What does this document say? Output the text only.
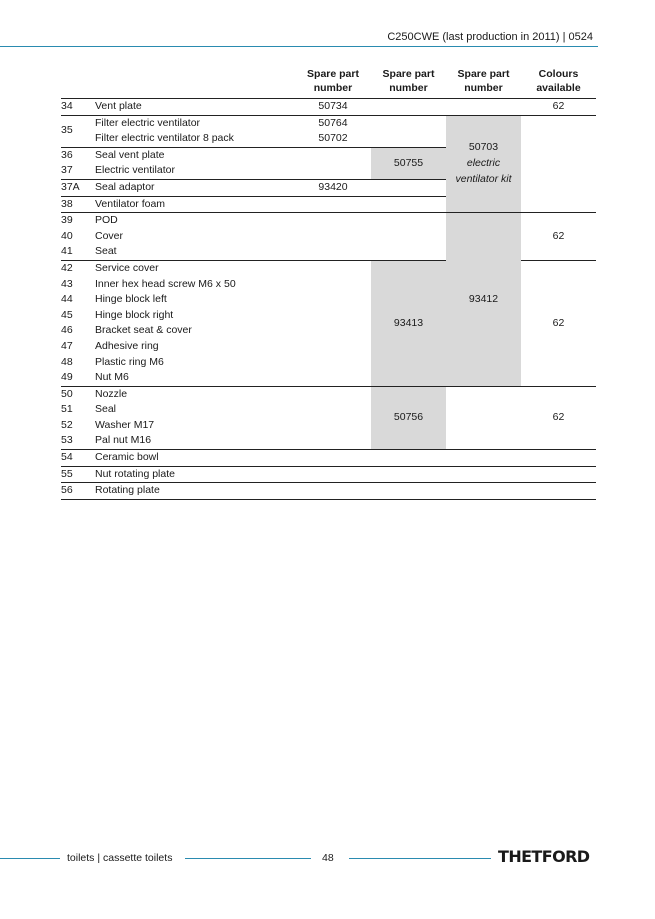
C250CWE (last production in 2011) | 0524
		Spare part number	Spare part number	Spare part number	Colours available
34	Vent plate	50734			62
35	Filter electric ventilator	50764		50703
electric
ventilator kit	

	Filter electric ventilator 8 pack	50702			
36	Seal vent plate		50755		
37	Electric ventilator				
37A	Seal adaptor	93420			
38	Ventilator foam				
39	POD			93412	62
40	Cover				
41	Seat				
42	Service cover		93413		62
43	Inner hex head screw M6 x 50				
44	Hinge block left				
45	Hinge block right				
46	Bracket seat & cover				
47	Adhesive ring				
48	Plastic ring M6				
49	Nut M6				
50	Nozzle		50756		62
51	Seal				
52	Washer M17				
53	Pal nut M16				
54	Ceramic bowl				
55	Nut rotating plate				
56	Rotating plate				
toilets | cassette toilets	48	THETFORD
